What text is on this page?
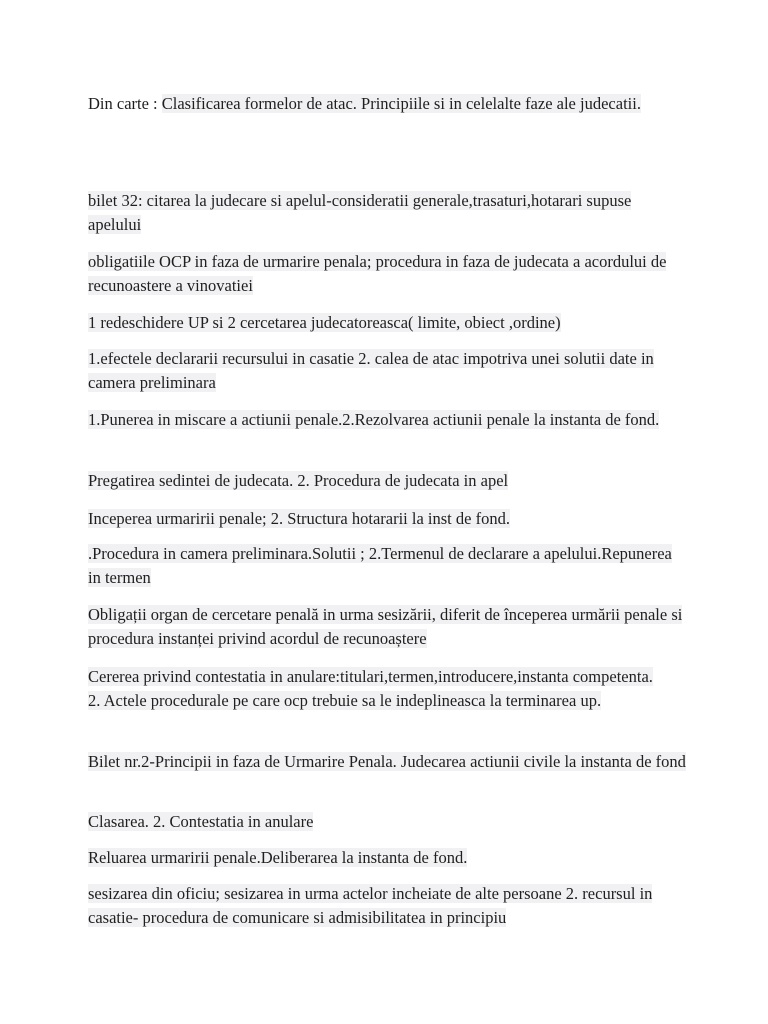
Din carte : Clasificarea formelor de atac. Principiile si in celelalte faze ale judecatii.

bilet 32: citarea la judecare si apelul-consideratii generale,trasaturi,hotarari supuse apelului

obligatiile OCP in faza de urmarire penala; procedura in faza de judecata a acordului de recunoastere a vinovatiei

1 redeschidere UP si 2 cercetarea judecatoreasca( limite, obiect ,ordine)

1.efectele declararii recursului in casatie 2. calea de atac impotriva unei solutii date in camera preliminara

1.Punerea in miscare a actiunii penale.2.Rezolvarea actiunii penale la instanta de fond.

Pregatirea sedintei de judecata. 2. Procedura de judecata in apel

Inceperea urmaririi penale; 2. Structura hotararii la inst de fond.

.Procedura in camera preliminara.Solutii ; 2.Termenul de declarare a apelului.Repunerea in termen

Obligații organ de cercetare penală in urma sesizării, diferit de începerea urmării penale si procedura instanței privind acordul de recunoaștere

Cererea privind contestatia in anulare:titulari,termen,introducere,instanta competenta.
2. Actele procedurale pe care ocp trebuie sa le indeplineasca la terminarea up.

Bilet nr.2-Principii in faza de Urmarire Penala. Judecarea actiunii civile la instanta de fond

Clasarea. 2. Contestatia in anulare

Reluarea urmaririi penale.Deliberarea la instanta de fond.

sesizarea din oficiu; sesizarea in urma actelor incheiate de alte persoane 2. recursul in casatie- procedura de comunicare si admisibilitatea in principiu
